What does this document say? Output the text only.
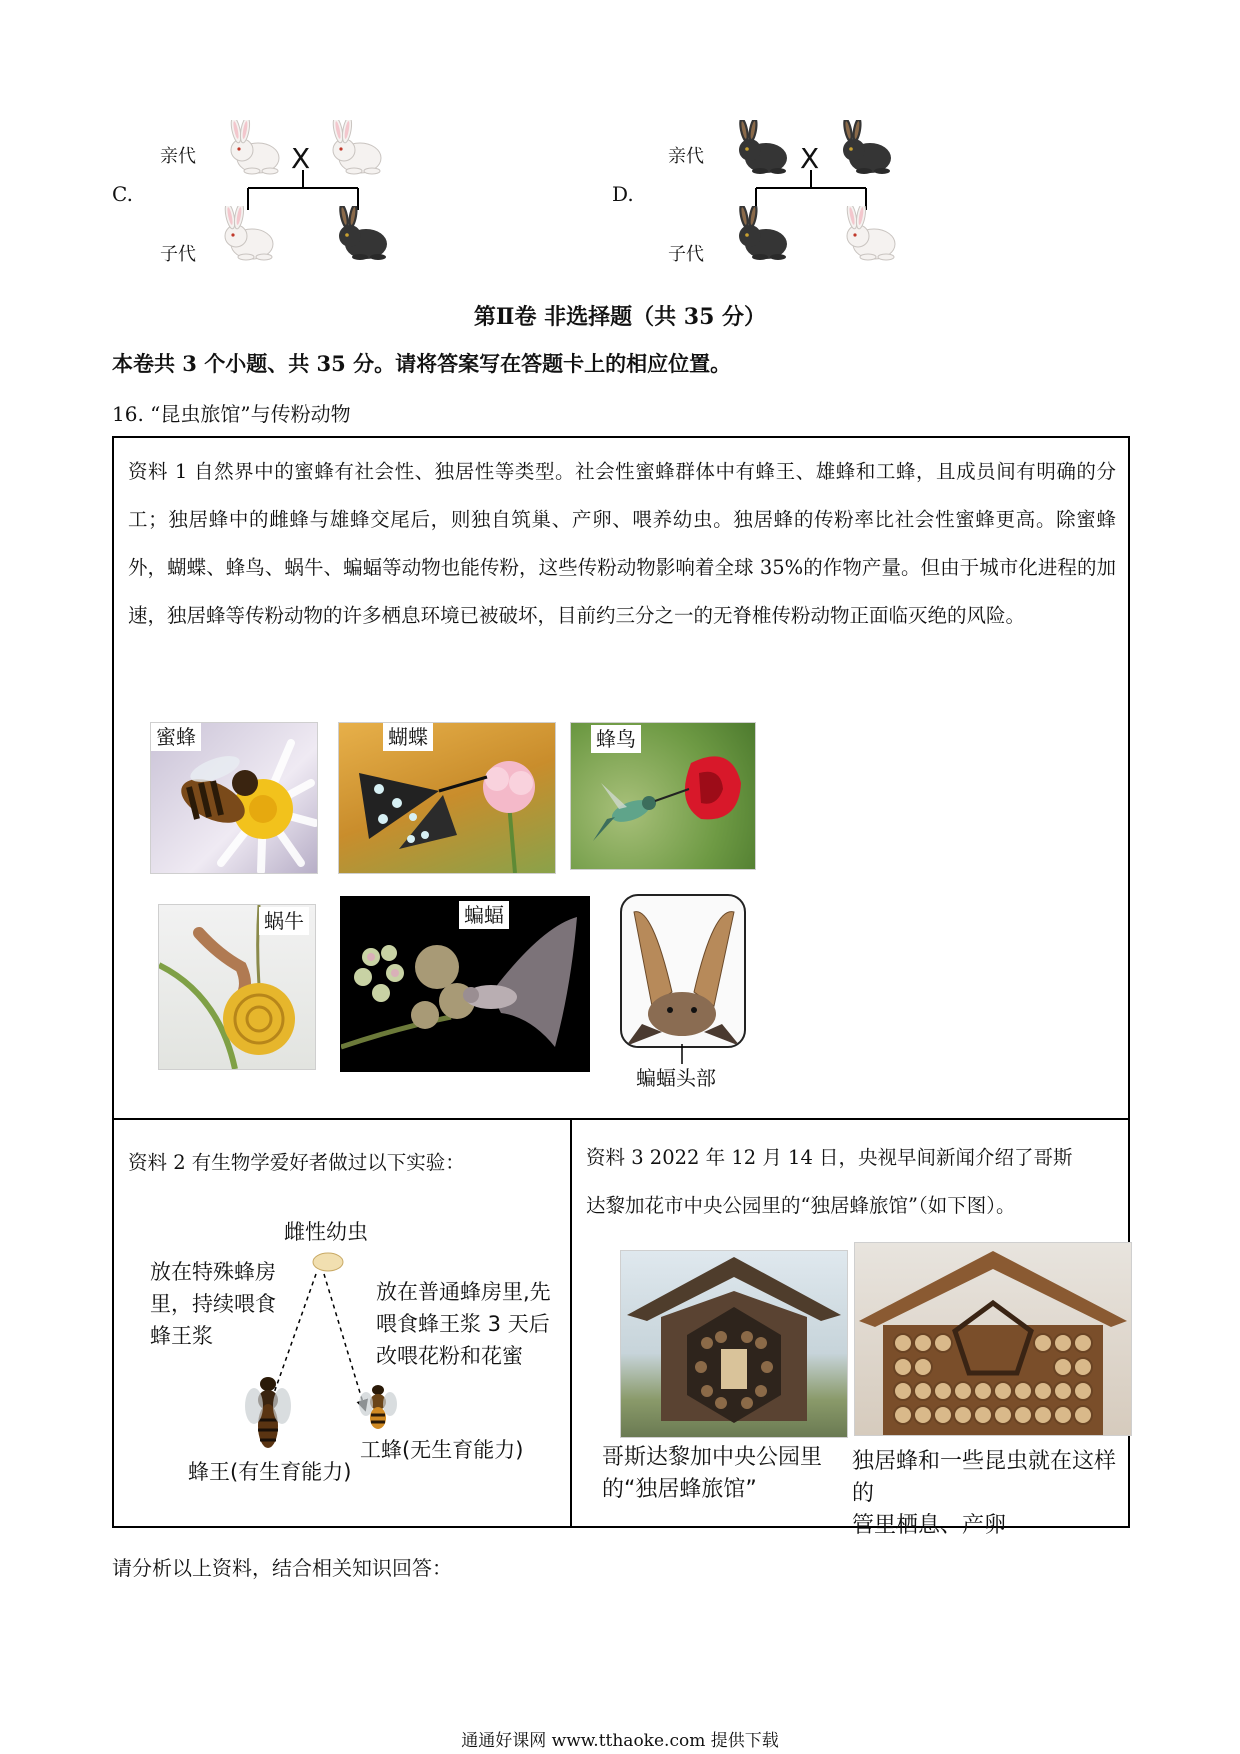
C.
亲代
子代
X
D.
亲代
子代
X
第Ⅱ卷 非选择题（共 35 分）
本卷共 3 个小题、共 35 分。请将答案写在答题卡上的相应位置。
16. “昆虫旅馆”与传粉动物
资料 1 自然界中的蜜蜂有社会性、独居性等类型。社会性蜜蜂群体中有蜂王、雄蜂和工蜂，且成员间有明确的分工；独居蜂中的雌蜂与雄蜂交尾后，则独自筑巢、产卵、喂养幼虫。独居蜂的传粉率比社会性蜜蜂更高。除蜜蜂外，蝴蝶、蜂鸟、蜗牛、蝙蝠等动物也能传粉，这些传粉动物影响着全球 35%的作物产量。但由于城市化进程的加速，独居蜂等传粉动物的许多栖息环境已被破坏，目前约三分之一的无脊椎传粉动物正面临灭绝的风险。
蜜蜂	蝴蝶	蜂鸟
蜗牛	蝙蝠
蝙蝠头部
资料 2 有生物学爱好者做过以下实验：
雌性幼虫
放在特殊蜂房
里，持续喂食
蜂王浆
放在普通蜂房里,先
喂食蜂王浆 3 天后
改喂花粉和花蜜
蜂王(有生育能力)
工蜂(无生育能力)
资料 3 2022 年 12 月 14 日，央视早间新闻介绍了哥斯
达黎加花市中央公园里的“独居蜂旅馆”（如下图）。
哥斯达黎加中央公园里
的“独居蜂旅馆”
独居蜂和一些昆虫就在这样的
管里栖息、产卵
请分析以上资料，结合相关知识回答：
通通好课网 www.tthaoke.com 提供下载
